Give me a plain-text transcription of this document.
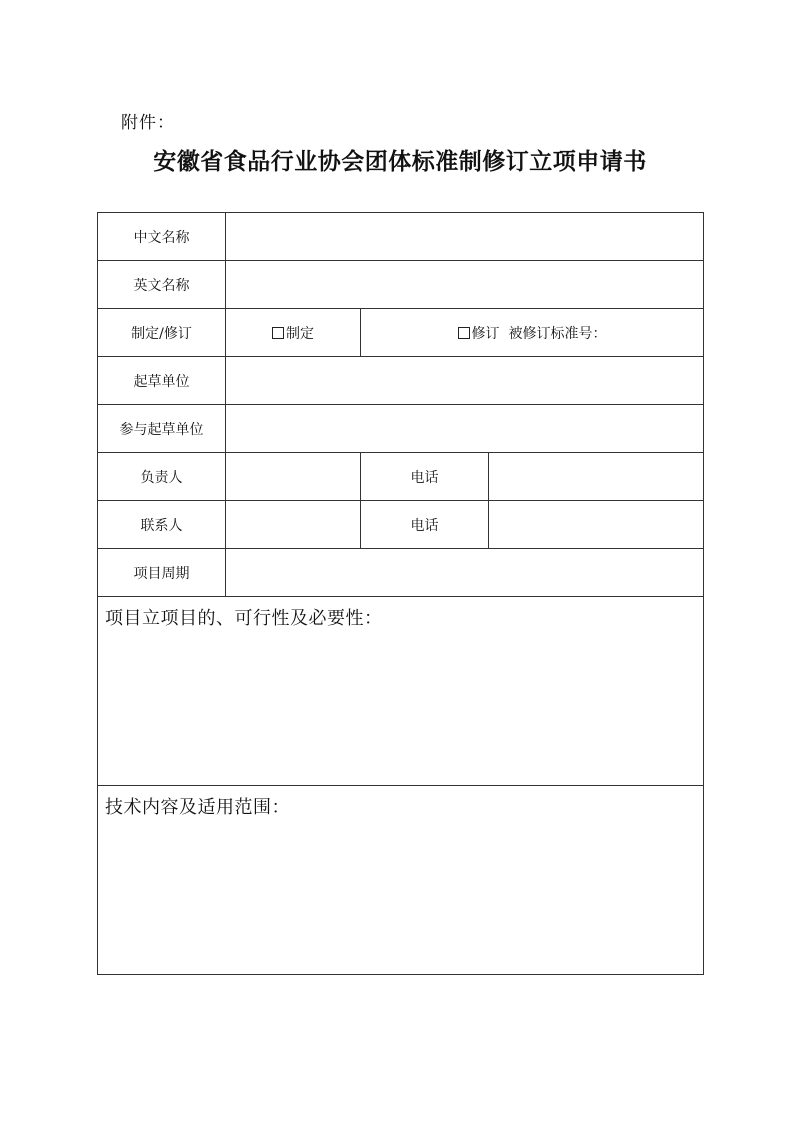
附件：
安徽省食品行业协会团体标准制修订立项申请书
中文名称			
英文名称			
制定/修订	制定	修订 被修订标准号：	
起草单位			
参与起草单位			
负责人		电话	
联系人		电话	
项目周期			

项目立项目的、可行性及必要性：			

技术内容及适用范围：			
